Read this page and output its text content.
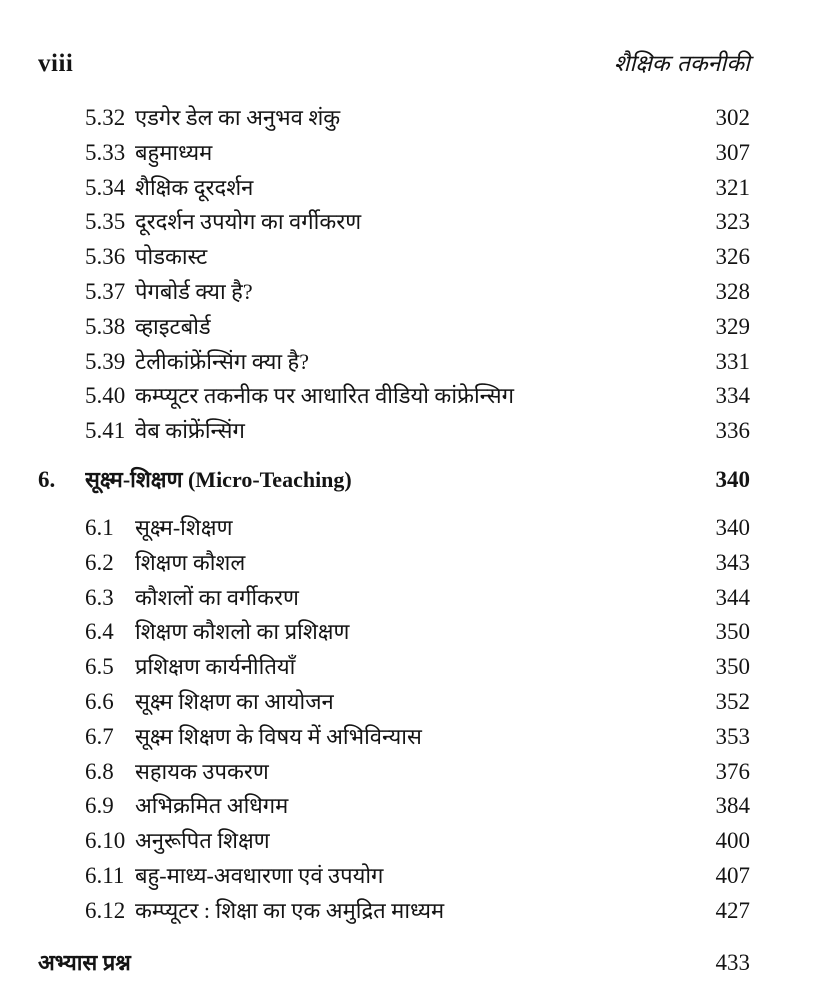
viii	शैक्षिक तकनीकी
5.32 एडगेर डेल का अनुभव शंकु	302
5.33 बहुमाध्यम	307
5.34 शैक्षिक दूरदर्शन	321
5.35 दूरदर्शन उपयोग का वर्गीकरण	323
5.36 पोडकास्ट	326
5.37 पेगबोर्ड क्या है?	328
5.38 व्हाइटबोर्ड	329
5.39 टेलीकांफ्रेंन्सिंग क्या है?	331
5.40 कम्प्यूटर तकनीक पर आधारित वीडियो कांफ्रेन्सिग	334
5.41 वेब कांफ्रेंन्सिंग	336
6.	सूक्ष्म-शिक्षण (Micro-Teaching)	340
6.1 सूक्ष्म-शिक्षण	340
6.2 शिक्षण कौशल	343
6.3 कौशलों का वर्गीकरण	344
6.4 शिक्षण कौशलो का प्रशिक्षण	350
6.5 प्रशिक्षण कार्यनीतियाँ	350
6.6 सूक्ष्म शिक्षण का आयोजन	352
6.7 सूक्ष्म शिक्षण के विषय में अभिविन्यास	353
6.8 सहायक उपकरण	376
6.9 अभिक्रमित अधिगम	384
6.10 अनुरूपित शिक्षण	400
6.11 बहु-माध्य-अवधारणा एवं उपयोग	407
6.12 कम्प्यूटर : शिक्षा का एक अमुद्रित माध्यम	427
अभ्यास प्रश्न	433
